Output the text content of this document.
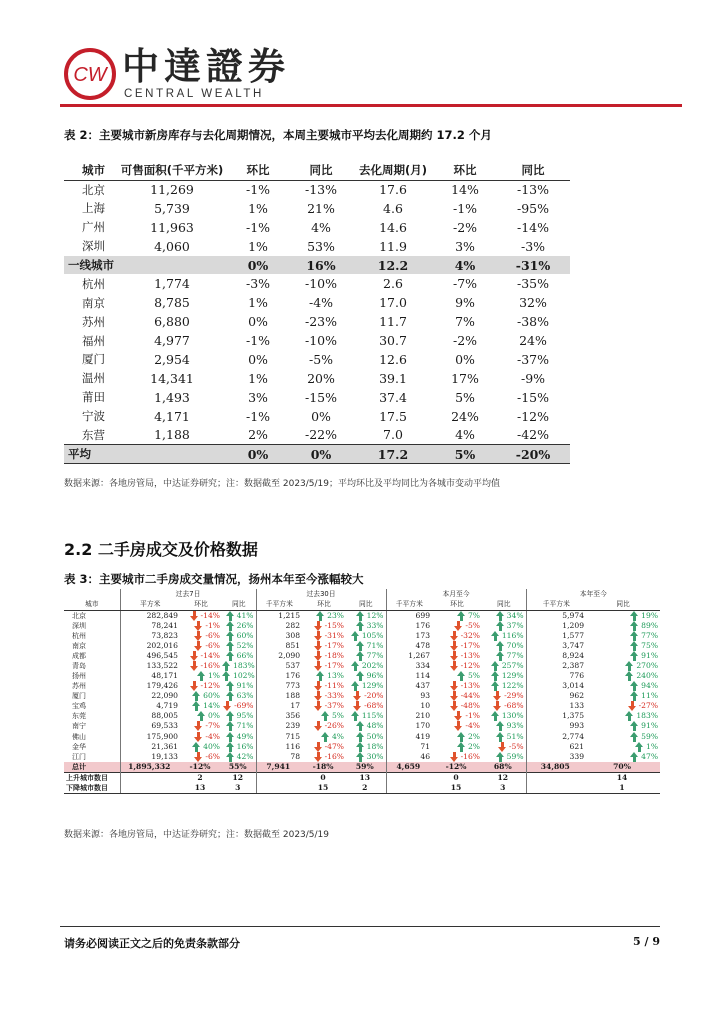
CW 中達證券
CENTRAL WEALTH
表 2：主要城市新房库存与去化周期情况，本周主要城市平均去化周期约 17.2 个月
城市	可售面积(千平方米)	环比	同比	去化周期(月)	环比	同比
北京	11,269	-1%	-13%	17.6	14%	-13%
上海	5,739	1%	21%	4.6	-1%	-95%
广州	11,963	-1%	4%	14.6	-2%	-14%
深圳	4,060	1%	53%	11.9	3%	-3%
一线城市		0%	16%	12.2	4%	-31%
杭州	1,774	-3%	-10%	2.6	-7%	-35%
南京	8,785	1%	-4%	17.0	9%	32%
苏州	6,880	0%	-23%	11.7	7%	-38%
福州	4,977	-1%	-10%	30.7	-2%	24%
厦门	2,954	0%	-5%	12.6	0%	-37%
温州	14,341	1%	20%	39.1	17%	-9%
莆田	1,493	3%	-15%	37.4	5%	-15%
宁波	4,171	-1%	0%	17.5	24%	-12%
东营	1,188	2%	-22%	7.0	4%	-42%
平均		0%	0%	17.2	5%	-20%
数据来源：各地房管局，中达证券研究；注：数据截至 2023/5/19；平均环比及平均同比为各城市变动平均值
2.2 二手房成交及价格数据
表 3：主要城市二手房成交量情况，扬州本年至今涨幅较大
	过去7日			过去30日			本月至今			本年至今	
城市	平方米	环比	同比	千平方米	环比	同比	千平方米	环比	同比	千平方米	同比
北京	282,849	-14%	41%	1,215	23%	12%	699	7%	34%	5,974	19%
深圳	78,241	-1%	26%	282	-15%	33%	176	-5%	37%	1,209	89%
杭州	73,823	-6%	60%	308	-31%	105%	173	-32%	116%	1,577	77%
南京	202,016	-6%	52%	851	-17%	71%	478	-17%	70%	3,747	75%
成都	496,545	-14%	66%	2,090	-18%	77%	1,267	-13%	77%	8,924	91%
青岛	133,522	-16%	183%	537	-17%	202%	334	-12%	257%	2,387	270%
扬州	48,171	1%	102%	176	13%	96%	114	5%	129%	776	240%
苏州	179,426	-12%	91%	773	-11%	129%	437	-13%	122%	3,014	94%
厦门	22,090	60%	63%	188	-33%	-20%	93	-44%	-29%	962	11%
宝鸡	4,719	14%	-69%	17	-37%	-68%	10	-48%	-68%	133	-27%
东莞	88,005	0%	95%	356	5%	115%	210	-1%	130%	1,375	183%
南宁	69,533	-7%	71%	239	-26%	48%	170	-4%	93%	993	91%
佛山	175,900	-4%	49%	715	4%	50%	419	2%	51%	2,774	59%
金华	21,361	40%	16%	116	-47%	18%	71	2%	-5%	621	1%
江门	19,133	-6%	42%	78	-16%	30%	46	-16%	59%	339	47%
总计	1,895,332	-12%	55%	7,941	-18%	59%	4,659	-12%	68%	34,805	70%
上升城市数目		2	12		0	13		0	12		14
下降城市数目		13	3		15	2		15	3		1
数据来源：各地房管局，中达证券研究；注：数据截至 2023/5/19
请务必阅读正文之后的免责条款部分	5 / 9
